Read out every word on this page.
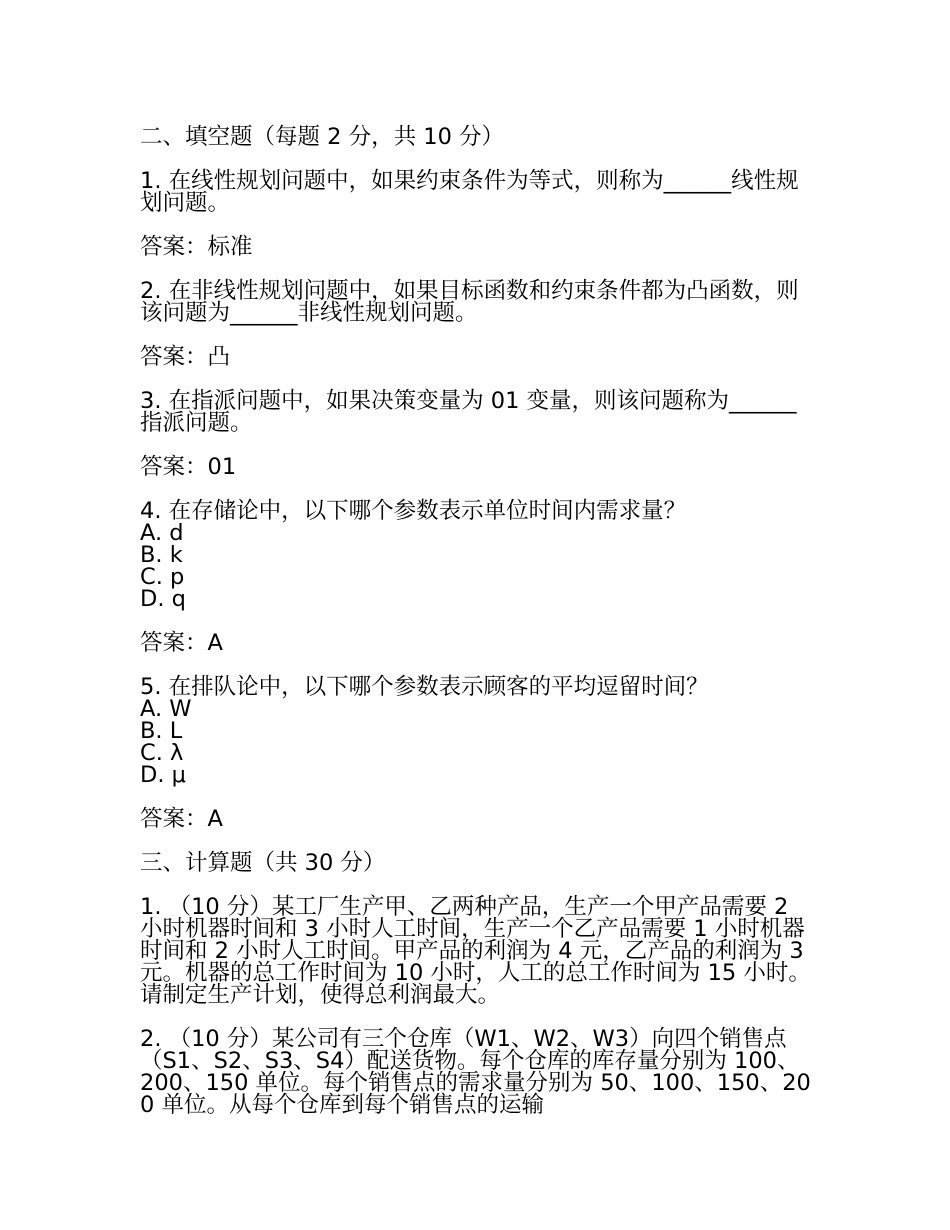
二、填空题（每题 2 分，共 10 分）

1. 在线性规划问题中，如果约束条件为等式，则称为______线性规划问题。

答案：标准

2. 在非线性规划问题中，如果目标函数和约束条件都为凸函数，则该问题为______非线性规划问题。

答案：凸

3. 在指派问题中，如果决策变量为 01 变量，则该问题称为______指派问题。

答案：01

4. 在存储论中，以下哪个参数表示单位时间内需求量？

A. d

B. k

C. p

D. q

答案：A

5. 在排队论中，以下哪个参数表示顾客的平均逗留时间？

A. W

B. L

C. λ

D. μ

答案：A

三、计算题（共 30 分）

1. （10 分）某工厂生产甲、乙两种产品，生产一个甲产品需要 2 小时机器时间和 3 小时人工时间，生产一个乙产品需要 1 小时机器时间和 2 小时人工时间。甲产品的利润为 4 元，乙产品的利润为 3 元。机器的总工作时间为 10 小时，人工的总工作时间为 15 小时。请制定生产计划，使得总利润最大。

2. （10 分）某公司有三个仓库（W1、W2、W3）向四个销售点（S1、S2、S3、S4）配送货物。每个仓库的库存量分别为 100、200、150 单位。每个销售点的需求量分别为 50、100、150、200 单位。从每个仓库到每个销售点的运输
